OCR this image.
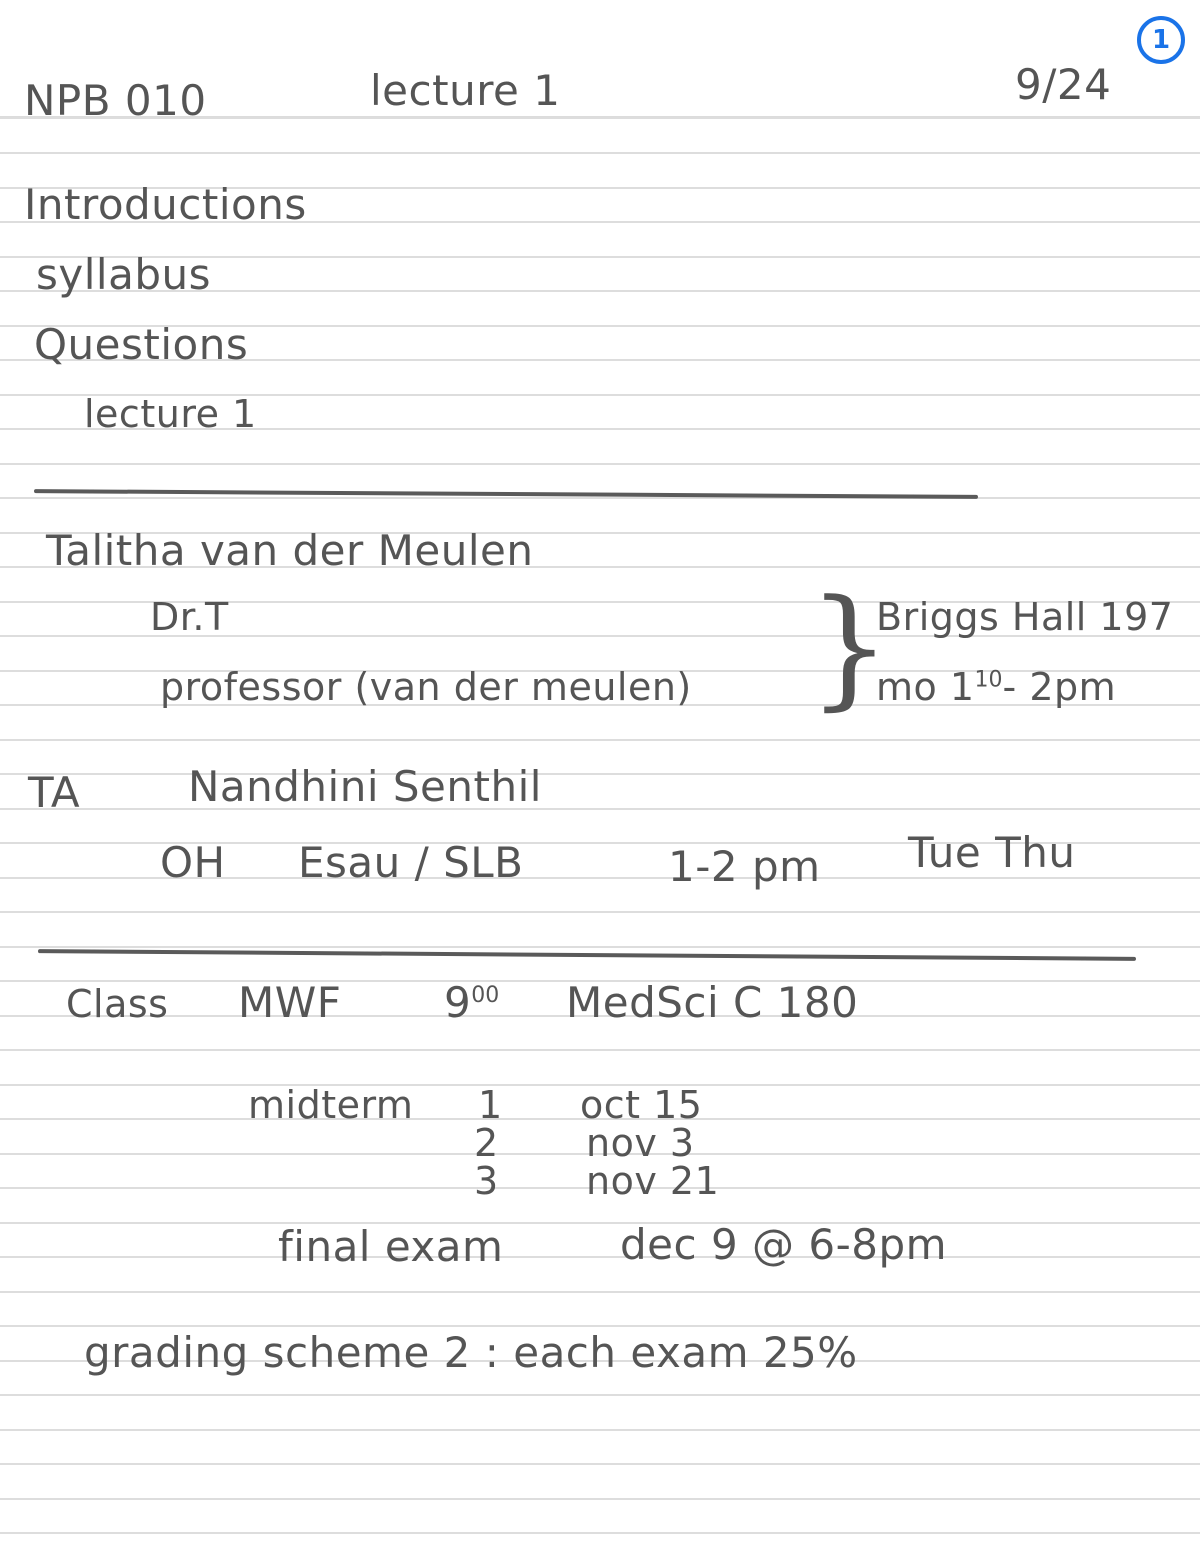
NPB 010	lecture 1	9/24
1
Introductions
syllabus
Questions
lecture 1
Talitha van der Meulen
Dr.T
professor (van der meulen) }
Briggs Hall 197
mo $1^{10}-$ 2pm
TA	Nandhini Senthil
OH Esau / SLB	1-2 pm Tue Thu
Class MWF $9^{00}$ MedSci C 180
midterm 1 oct 15
2 nov 3
3 nov 21
final exam	dec 9 @ 6-8pm
grading scheme 2 : each exam 25%
